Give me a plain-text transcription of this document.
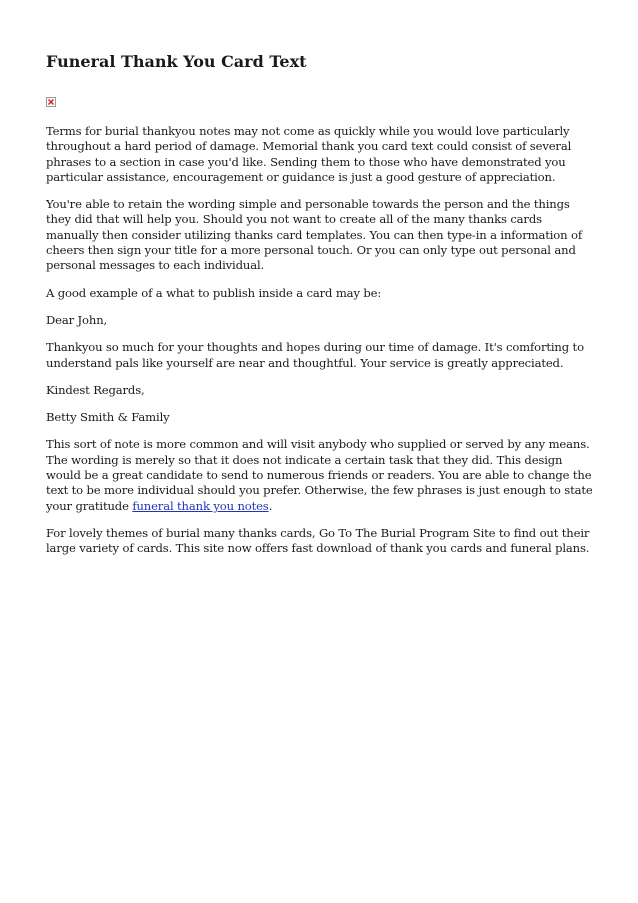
Funeral Thank You Card Text

Terms for burial thankyou notes may not come as quickly while you would love particularly throughout a hard period of damage. Memorial thank you card text could consist of several phrases to a section in case you'd like. Sending them to those who have demonstrated you particular assistance, encouragement or guidance is just a good gesture of appreciation.

You're able to retain the wording simple and personable towards the person and the things they did that will help you. Should you not want to create all of the many thanks cards manually then consider utilizing thanks card templates. You can then type-in a information of cheers then sign your title for a more personal touch. Or you can only type out personal and personal messages to each individual.

A good example of a what to publish inside a card may be:

Dear John,

Thankyou so much for your thoughts and hopes during our time of damage. It's comforting to understand pals like yourself are near and thoughtful. Your service is greatly appreciated.

Kindest Regards,

Betty Smith & Family

This sort of note is more common and will visit anybody who supplied or served by any means. The wording is merely so that it does not indicate a certain task that they did. This design would be a great candidate to send to numerous friends or readers. You are able to change the text to be more individual should you prefer. Otherwise, the few phrases is just enough to state your gratitude funeral thank you notes.

For lovely themes of burial many thanks cards, Go To The Burial Program Site to find out their large variety of cards. This site now offers fast download of thank you cards and funeral plans.
